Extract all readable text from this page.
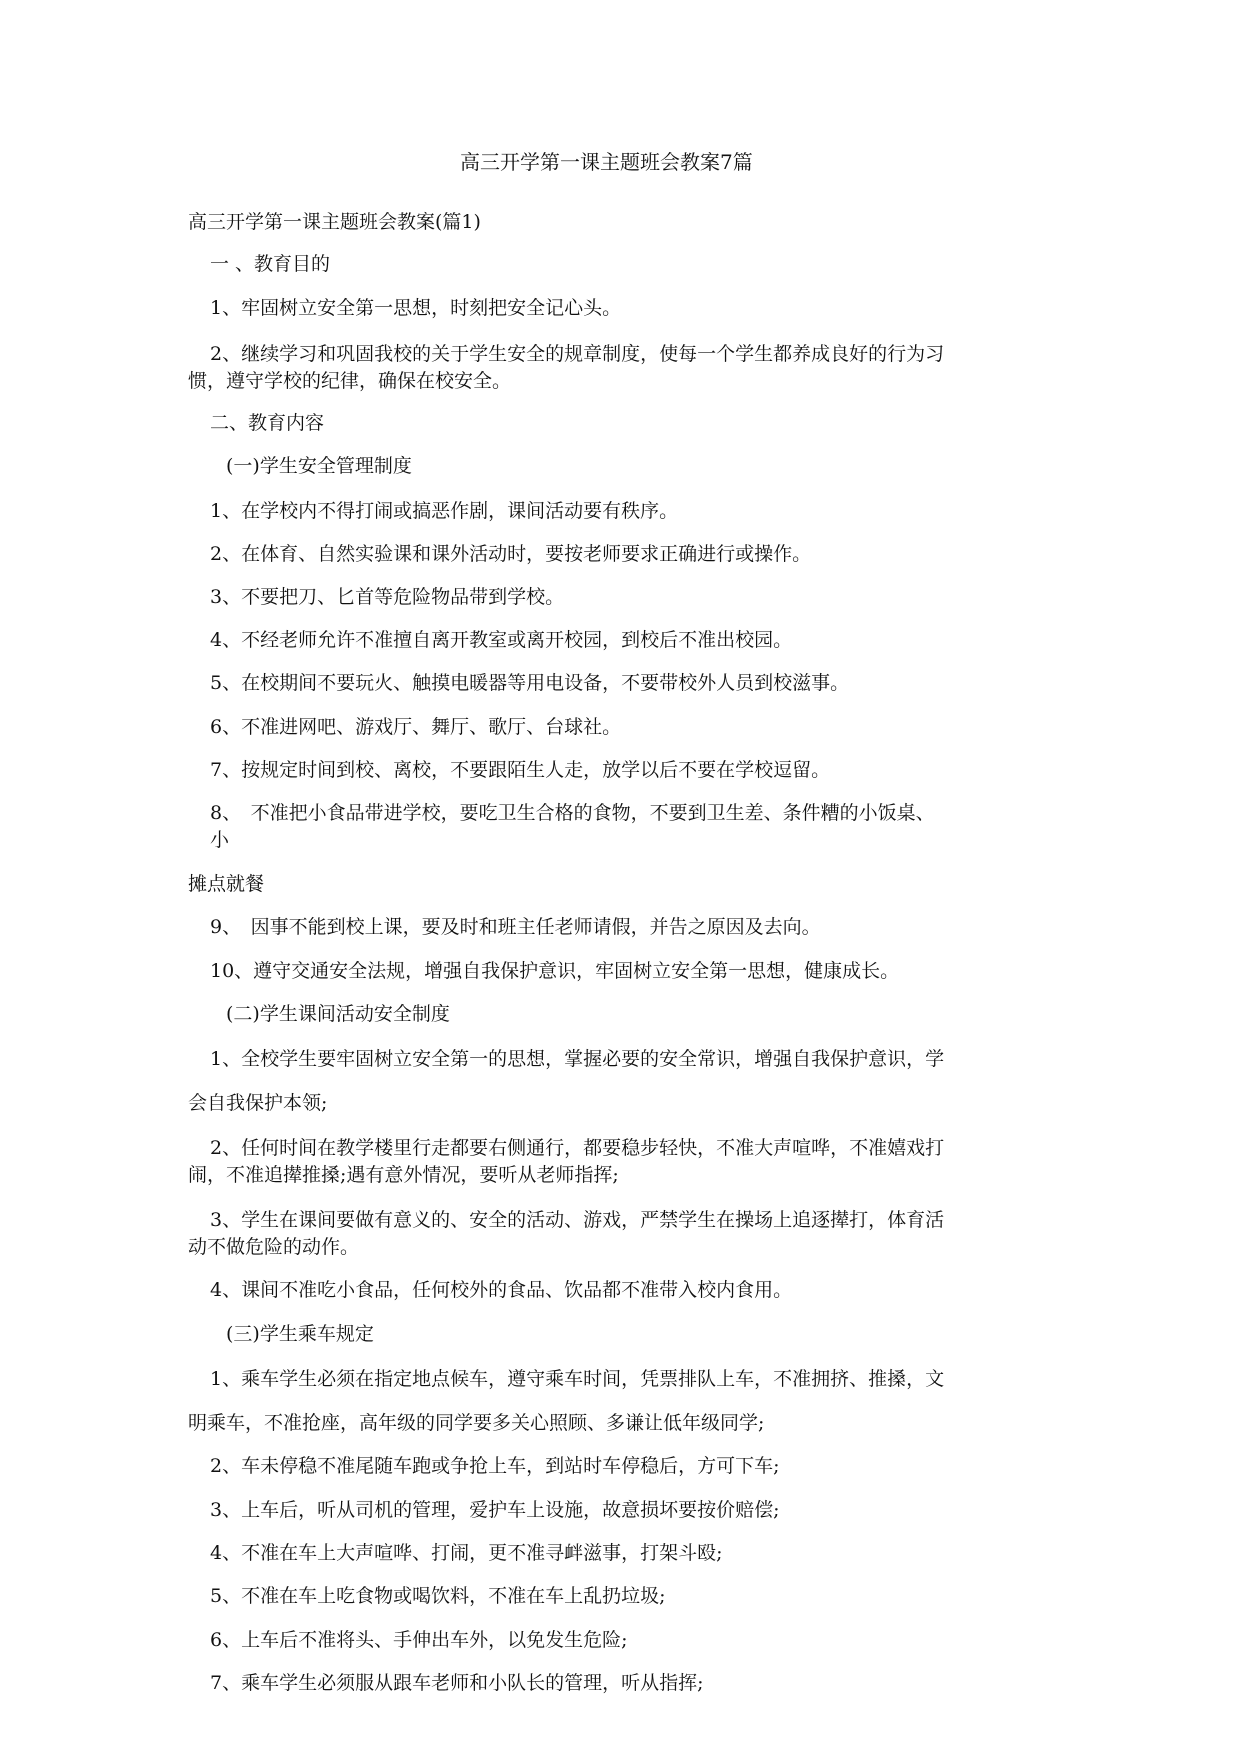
高三开学第一课主题班会教案7篇
高三开学第一课主题班会教案(篇1)
一 、教育目的
1、牢固树立安全第一思想，时刻把安全记心头。
2、继续学习和巩固我校的关于学生安全的规章制度，使每一个学生都养成良好的行为习
惯，遵守学校的纪律，确保在校安全。
二、教育内容
(一)学生安全管理制度
1、在学校内不得打闹或搞恶作剧，课间活动要有秩序。
2、在体育、自然实验课和课外活动时，要按老师要求正确进行或操作。
3、不要把刀、匕首等危险物品带到学校。
4、不经老师允许不准擅自离开教室或离开校园，到校后不准出校园。
5、在校期间不要玩火、触摸电暖器等用电设备，不要带校外人员到校滋事。
6、不准进网吧、游戏厅、舞厅、歌厅、台球社。
7、按规定时间到校、离校，不要跟陌生人走，放学以后不要在学校逗留。
8、　不准把小食品带进学校，要吃卫生合格的食物，不要到卫生差、条件糟的小饭桌、
小
摊点就餐
9、　因事不能到校上课，要及时和班主任老师请假，并告之原因及去向。
10、遵守交通安全法规，增强自我保护意识，牢固树立安全第一思想，健康成长。
(二)学生课间活动安全制度
1、全校学生要牢固树立安全第一的思想，掌握必要的安全常识，增强自我保护意识，学
会自我保护本领;
2、任何时间在教学楼里行走都要右侧通行，都要稳步轻快，不准大声喧哗，不准嬉戏打
闹，不准追撵推搡;遇有意外情况，要听从老师指挥;
3、学生在课间要做有意义的、安全的活动、游戏，严禁学生在操场上追逐撵打，体育活
动不做危险的动作。
4、课间不准吃小食品，任何校外的食品、饮品都不准带入校内食用。
(三)学生乘车规定
1、乘车学生必须在指定地点候车，遵守乘车时间，凭票排队上车，不准拥挤、推搡，文
明乘车，不准抢座，高年级的同学要多关心照顾、多谦让低年级同学;
2、车未停稳不准尾随车跑或争抢上车，到站时车停稳后，方可下车;
3、上车后，听从司机的管理，爱护车上设施，故意损坏要按价赔偿;
4、不准在车上大声喧哗、打闹，更不准寻衅滋事，打架斗殴;
5、不准在车上吃食物或喝饮料，不准在车上乱扔垃圾;
6、上车后不准将头、手伸出车外，以免发生危险;
7、乘车学生必须服从跟车老师和小队长的管理，听从指挥;
